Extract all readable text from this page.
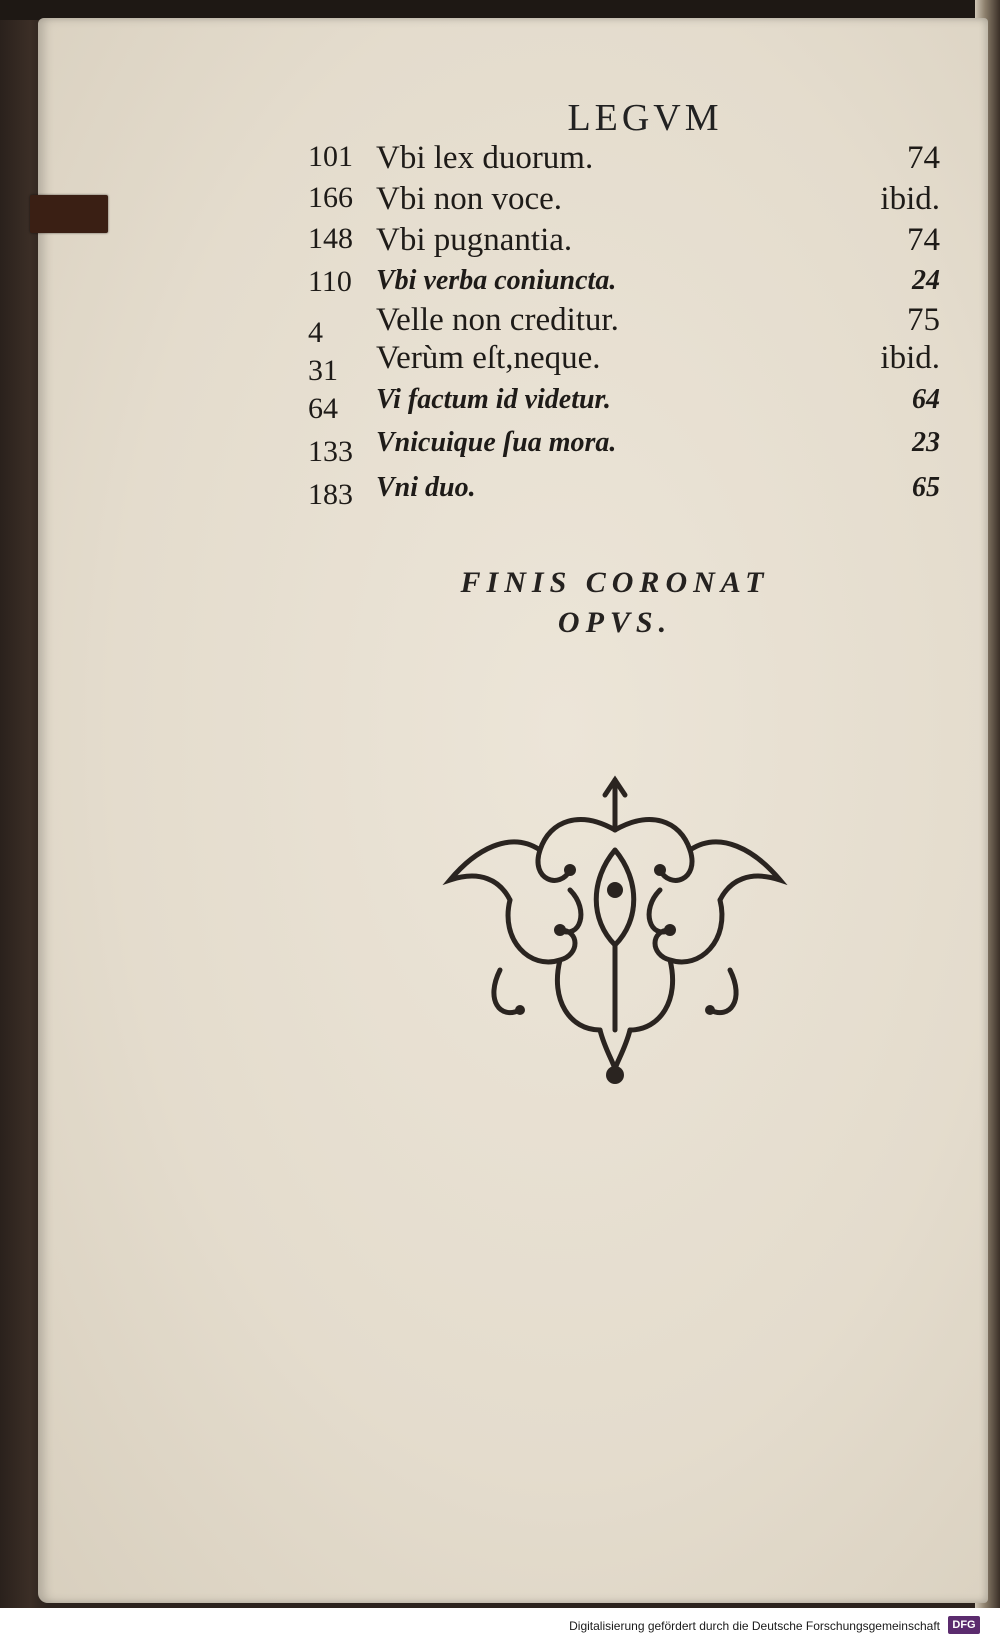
LEGVM
101 Vbi lex duorum.	74
166 Vbi non voce.	ibid.
148 Vbi pugnantia.	74
110 Vbi verba coniuncta.	24
4	Velle non creditur.	75
31	Verùm eſt,neque.	ibid.
64	Vi factum id videtur.	64
133 Vnicuique ſua mora.	23
183 Vni duo.	65
FINIS CORONAT
OPVS.
Digitalisierung gefördert durch die Deutsche Forschungsgemeinschaft	DFG
